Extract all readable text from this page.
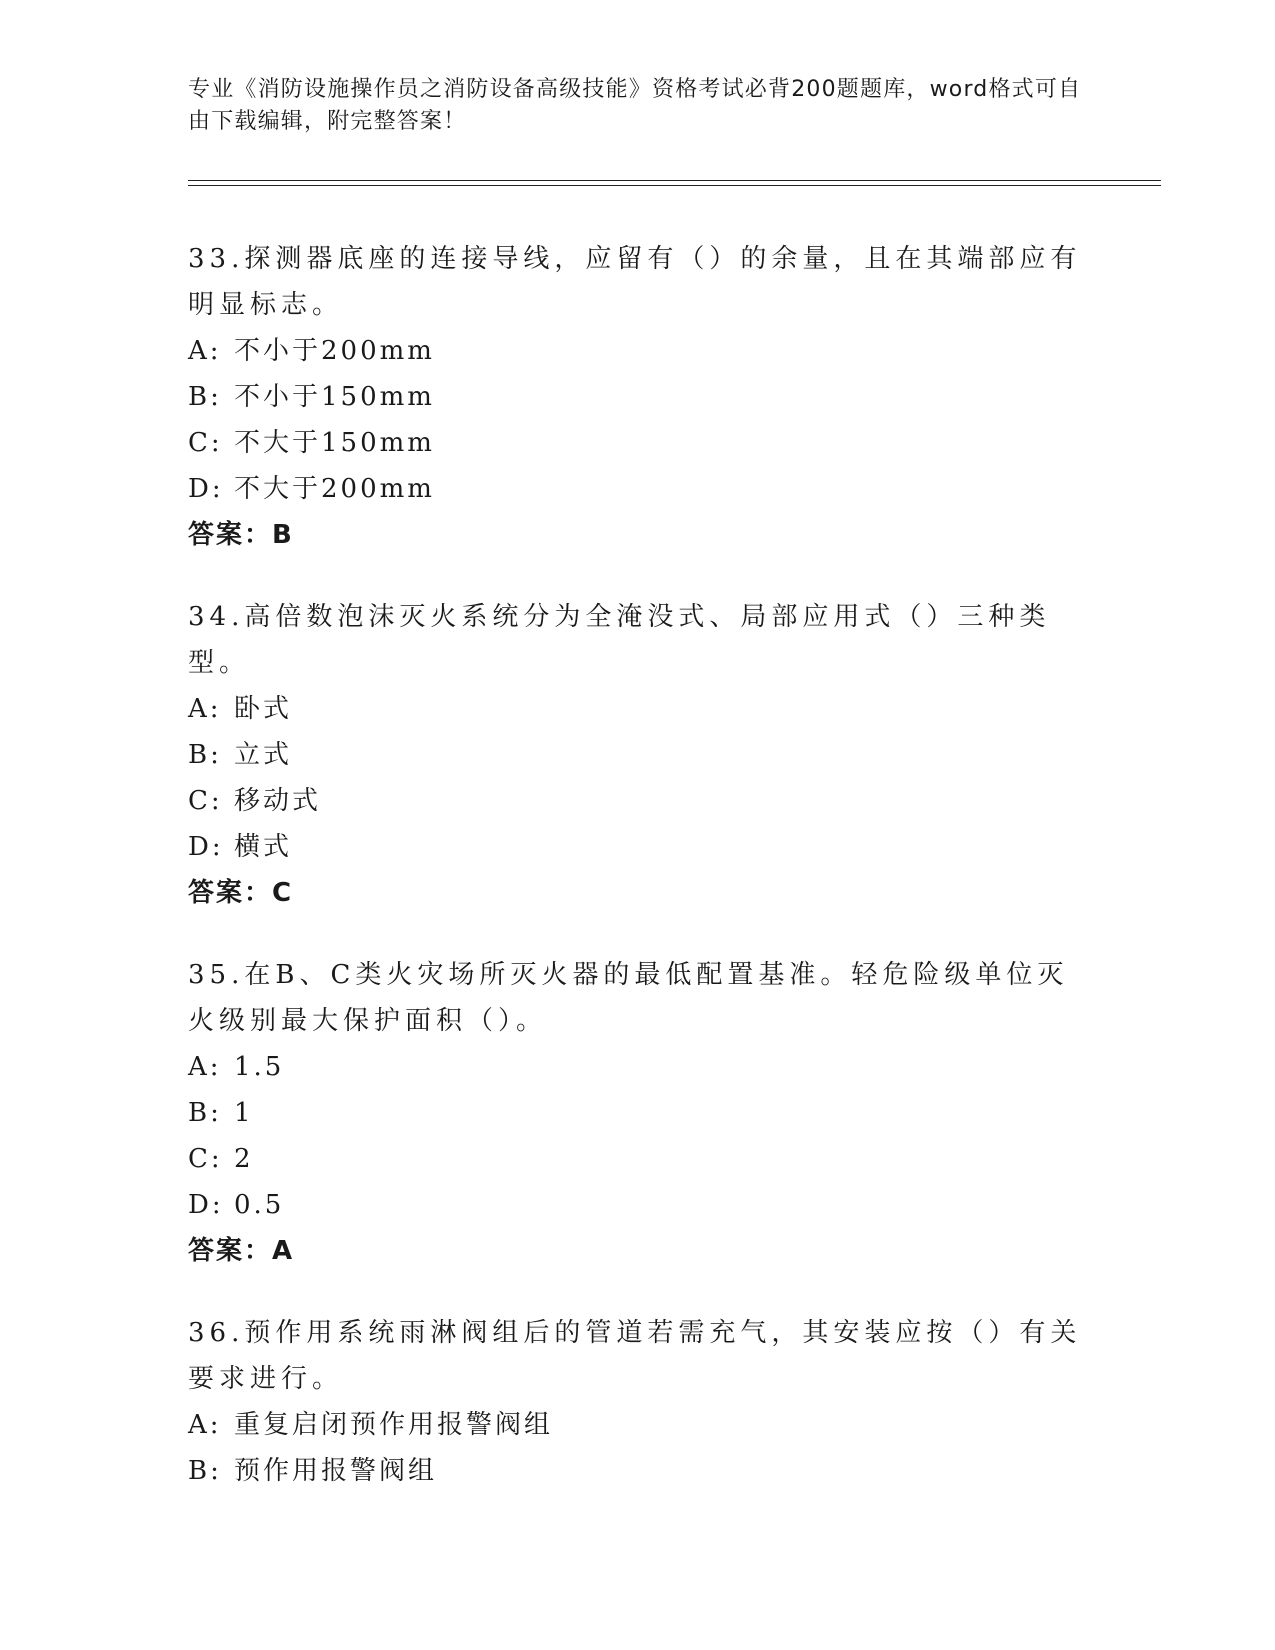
专业《消防设施操作员之消防设备高级技能》资格考试必背200题题库，word格式可自由下载编辑，附完整答案！

33.探测器底座的连接导线，应留有（）的余量，且在其端部应有明显标志。

A: 不小于200mm

B: 不小于150mm

C: 不大于150mm

D: 不大于200mm

答案：B

34.高倍数泡沫灭火系统分为全淹没式、局部应用式（）三种类型。

A: 卧式

B: 立式

C: 移动式

D: 横式

答案：C

35.在B、C类火灾场所灭火器的最低配置基准。轻危险级单位灭火级别最大保护面积（）。

A: 1.5

B: 1

C: 2

D: 0.5

答案：A

36.预作用系统雨淋阀组后的管道若需充气，其安装应按（）有关要求进行。

A: 重复启闭预作用报警阀组

B: 预作用报警阀组
